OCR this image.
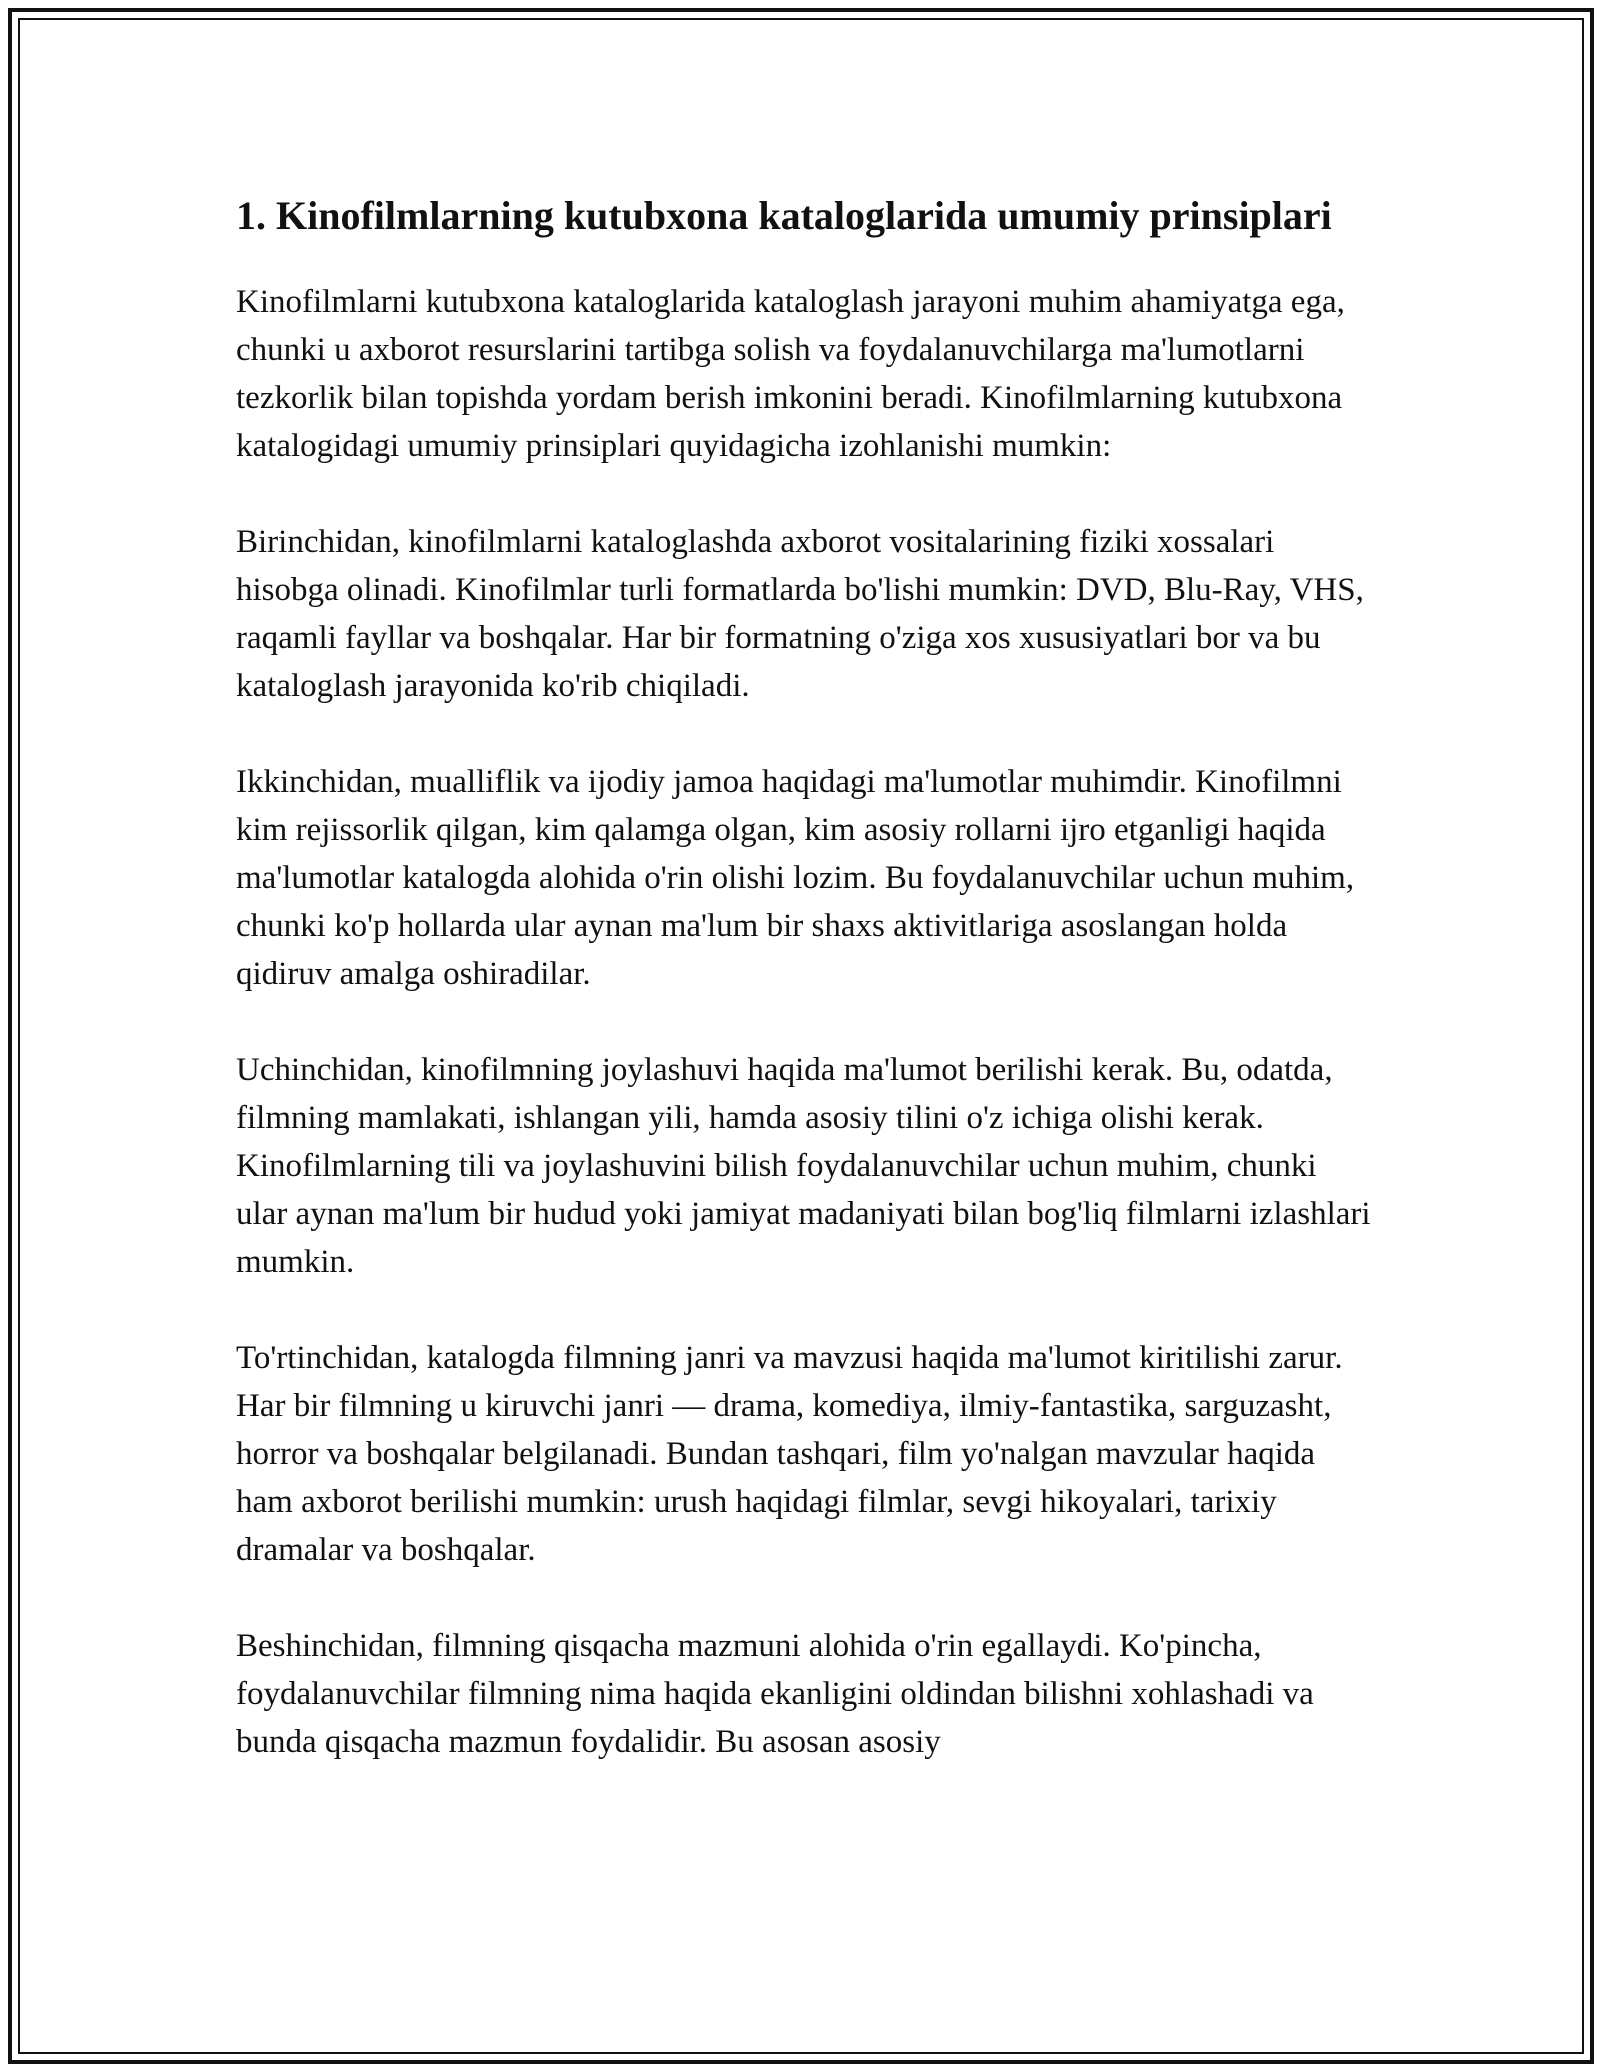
1. Kinofilmlarning kutubxona kataloglarida umumiy prinsiplari

Kinofilmlarni kutubxona kataloglarida kataloglash jarayoni muhim ahamiyatga ega, chunki u axborot resurslarini tartibga solish va foydalanuvchilarga ma'lumotlarni tezkorlik bilan topishda yordam berish imkonini beradi. Kinofilmlarning kutubxona katalogidagi umumiy prinsiplari quyidagicha izohlanishi mumkin:

Birinchidan, kinofilmlarni kataloglashda axborot vositalarining fiziki xossalari hisobga olinadi. Kinofilmlar turli formatlarda bo'lishi mumkin: DVD, Blu-Ray, VHS, raqamli fayllar va boshqalar. Har bir formatning o'ziga xos xususiyatlari bor va bu kataloglash jarayonida ko'rib chiqiladi.

Ikkinchidan, mualliflik va ijodiy jamoa haqidagi ma'lumotlar muhimdir. Kinofilmni kim rejissorlik qilgan, kim qalamga olgan, kim asosiy rollarni ijro etganligi haqida ma'lumotlar katalogda alohida o'rin olishi lozim. Bu foydalanuvchilar uchun muhim, chunki ko'p hollarda ular aynan ma'lum bir shaxs aktivitlariga asoslangan holda qidiruv amalga oshiradilar.

Uchinchidan, kinofilmning joylashuvi haqida ma'lumot berilishi kerak. Bu, odatda, filmning mamlakati, ishlangan yili, hamda asosiy tilini o'z ichiga olishi kerak. Kinofilmlarning tili va joylashuvini bilish foydalanuvchilar uchun muhim, chunki ular aynan ma'lum bir hudud yoki jamiyat madaniyati bilan bog'liq filmlarni izlashlari mumkin.

To'rtinchidan, katalogda filmning janri va mavzusi haqida ma'lumot kiritilishi zarur. Har bir filmning u kiruvchi janri — drama, komediya, ilmiy-fantastika, sarguzasht, horror va boshqalar belgilanadi. Bundan tashqari, film yo'nalgan mavzular haqida ham axborot berilishi mumkin: urush haqidagi filmlar, sevgi hikoyalari, tarixiy dramalar va boshqalar.

Beshinchidan, filmning qisqacha mazmuni alohida o'rin egallaydi. Ko'pincha, foydalanuvchilar filmning nima haqida ekanligini oldindan bilishni xohlashadi va bunda qisqacha mazmun foydalidir. Bu asosan asosiy
